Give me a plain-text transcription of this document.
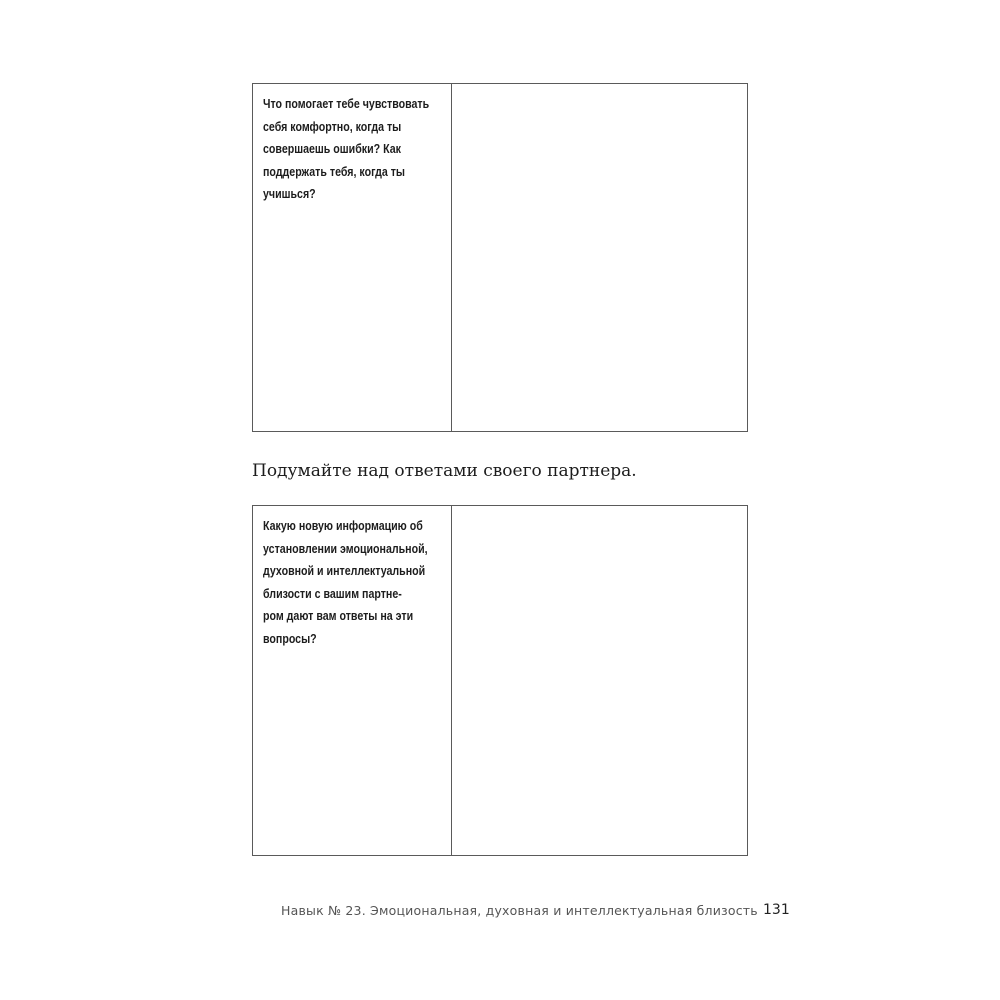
Что помогает тебе чувствовать
себя комфортно, когда ты
совершаешь ошибки? Как
поддержать тебя, когда ты
учишься?
Подумайте над ответами своего партнера.
Какую новую информацию об
установлении эмоциональной,
духовной и интеллектуальной
близости с вашим партне-
ром дают вам ответы на эти
вопросы?
Навык № 23. Эмоциональная, духовная и интеллектуальная близость 131
